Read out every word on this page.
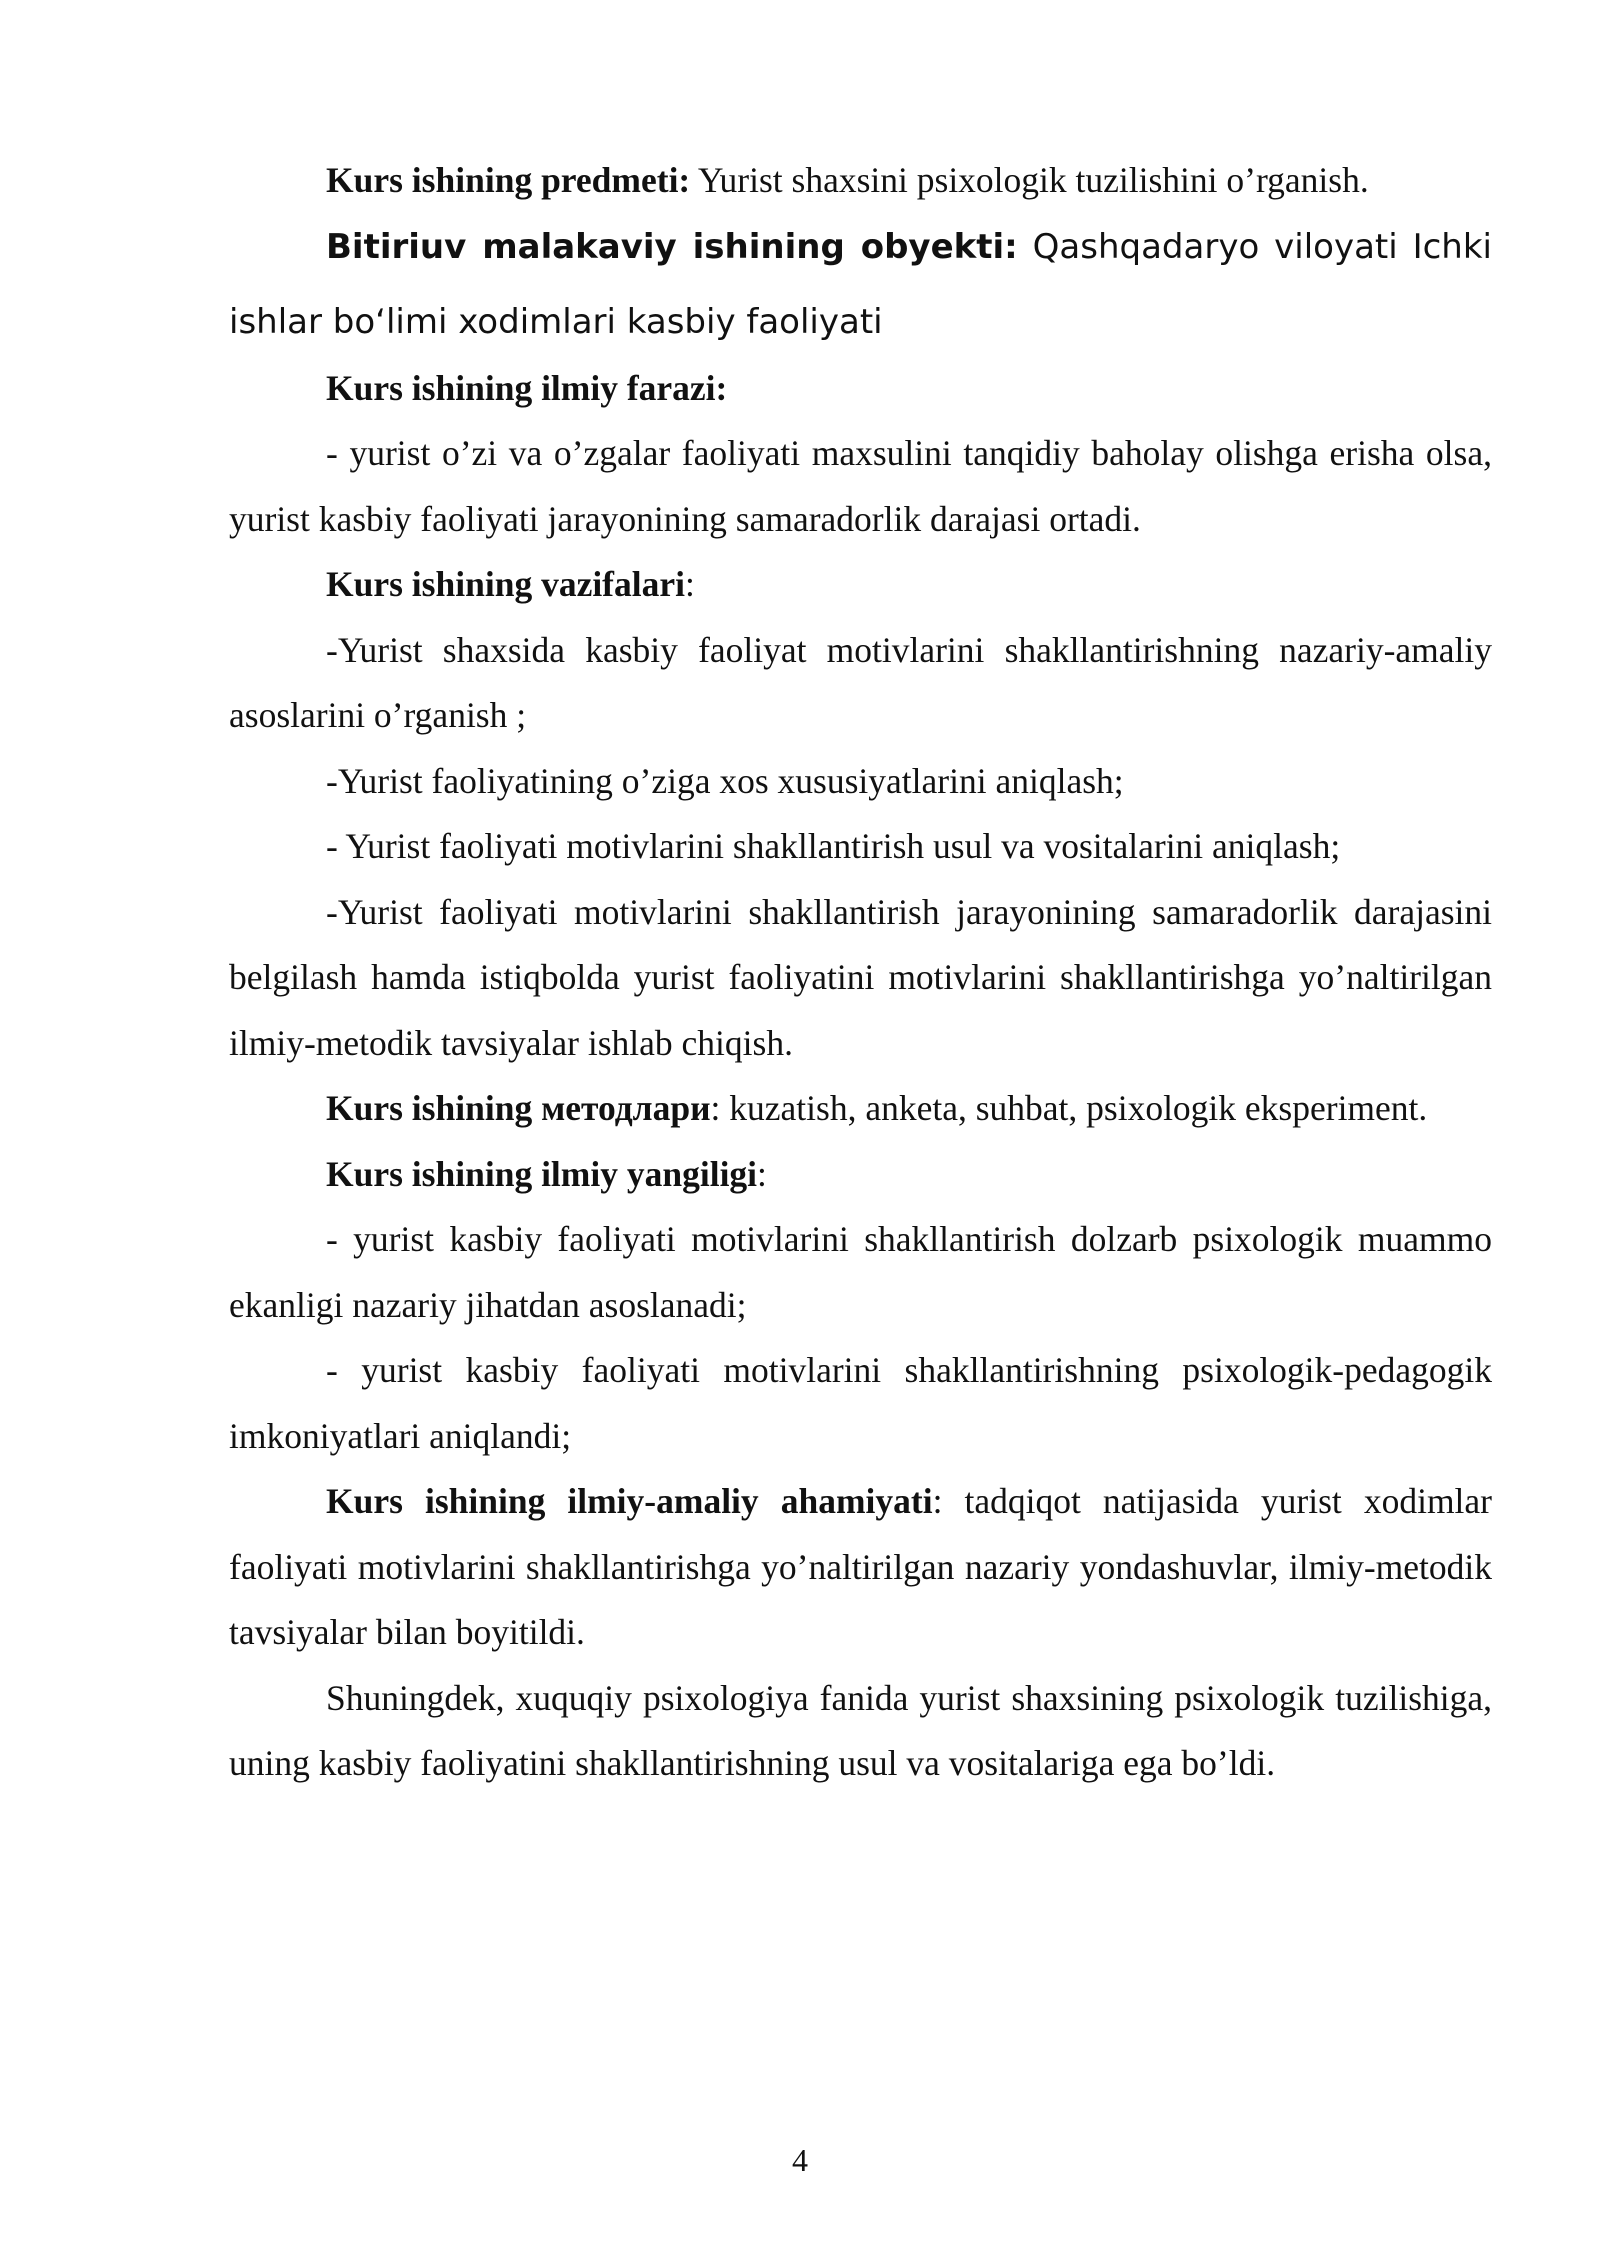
Kurs ishining predmeti: Yurist shaxsini psixologik tuzilishini o’rganish.

Bitiriuv malakaviy ishining obyekti: Qashqadaryo viloyati Ichki ishlar bo‘limi xodimlari kasbiy faoliyati

Kurs ishining ilmiy farazi:

- yurist o’zi va o’zgalar faoliyati maxsulini tanqidiy baholay olishga erisha olsa, yurist kasbiy faoliyati jarayonining samaradorlik darajasi ortadi.

Kurs ishining vazifalari:

-Yurist shaxsida kasbiy faoliyat motivlarini shakllantirishning nazariy-amaliy asoslarini o’rganish ;

-Yurist faoliyatining o’ziga xos xususiyatlarini aniqlash;

- Yurist faoliyati motivlarini shakllantirish usul va vositalarini aniqlash;

-Yurist faoliyati motivlarini shakllantirish jarayonining samaradorlik darajasini belgilash hamda istiqbolda yurist faoliyatini motivlarini shakllantirishga yo’naltirilgan ilmiy-metodik tavsiyalar ishlab chiqish.

Kurs ishining методлари: kuzatish, anketa, suhbat, psixologik eksperiment.

Kurs ishining ilmiy yangiligi:

- yurist kasbiy faoliyati motivlarini shakllantirish dolzarb psixologik muammo ekanligi nazariy jihatdan asoslanadi;

- yurist kasbiy faoliyati motivlarini shakllantirishning psixologik-pedagogik imkoniyatlari aniqlandi;

Kurs ishining ilmiy-amaliy ahamiyati: tadqiqot natijasida yurist xodimlar faoliyati motivlarini shakllantirishga yo’naltirilgan nazariy yondashuvlar, ilmiy-metodik tavsiyalar bilan boyitildi.

Shuningdek, xuquqiy psixologiya fanida yurist shaxsining psixologik tuzilishiga, uning kasbiy faoliyatini shakllantirishning usul va vositalariga ega bo’ldi.

4
